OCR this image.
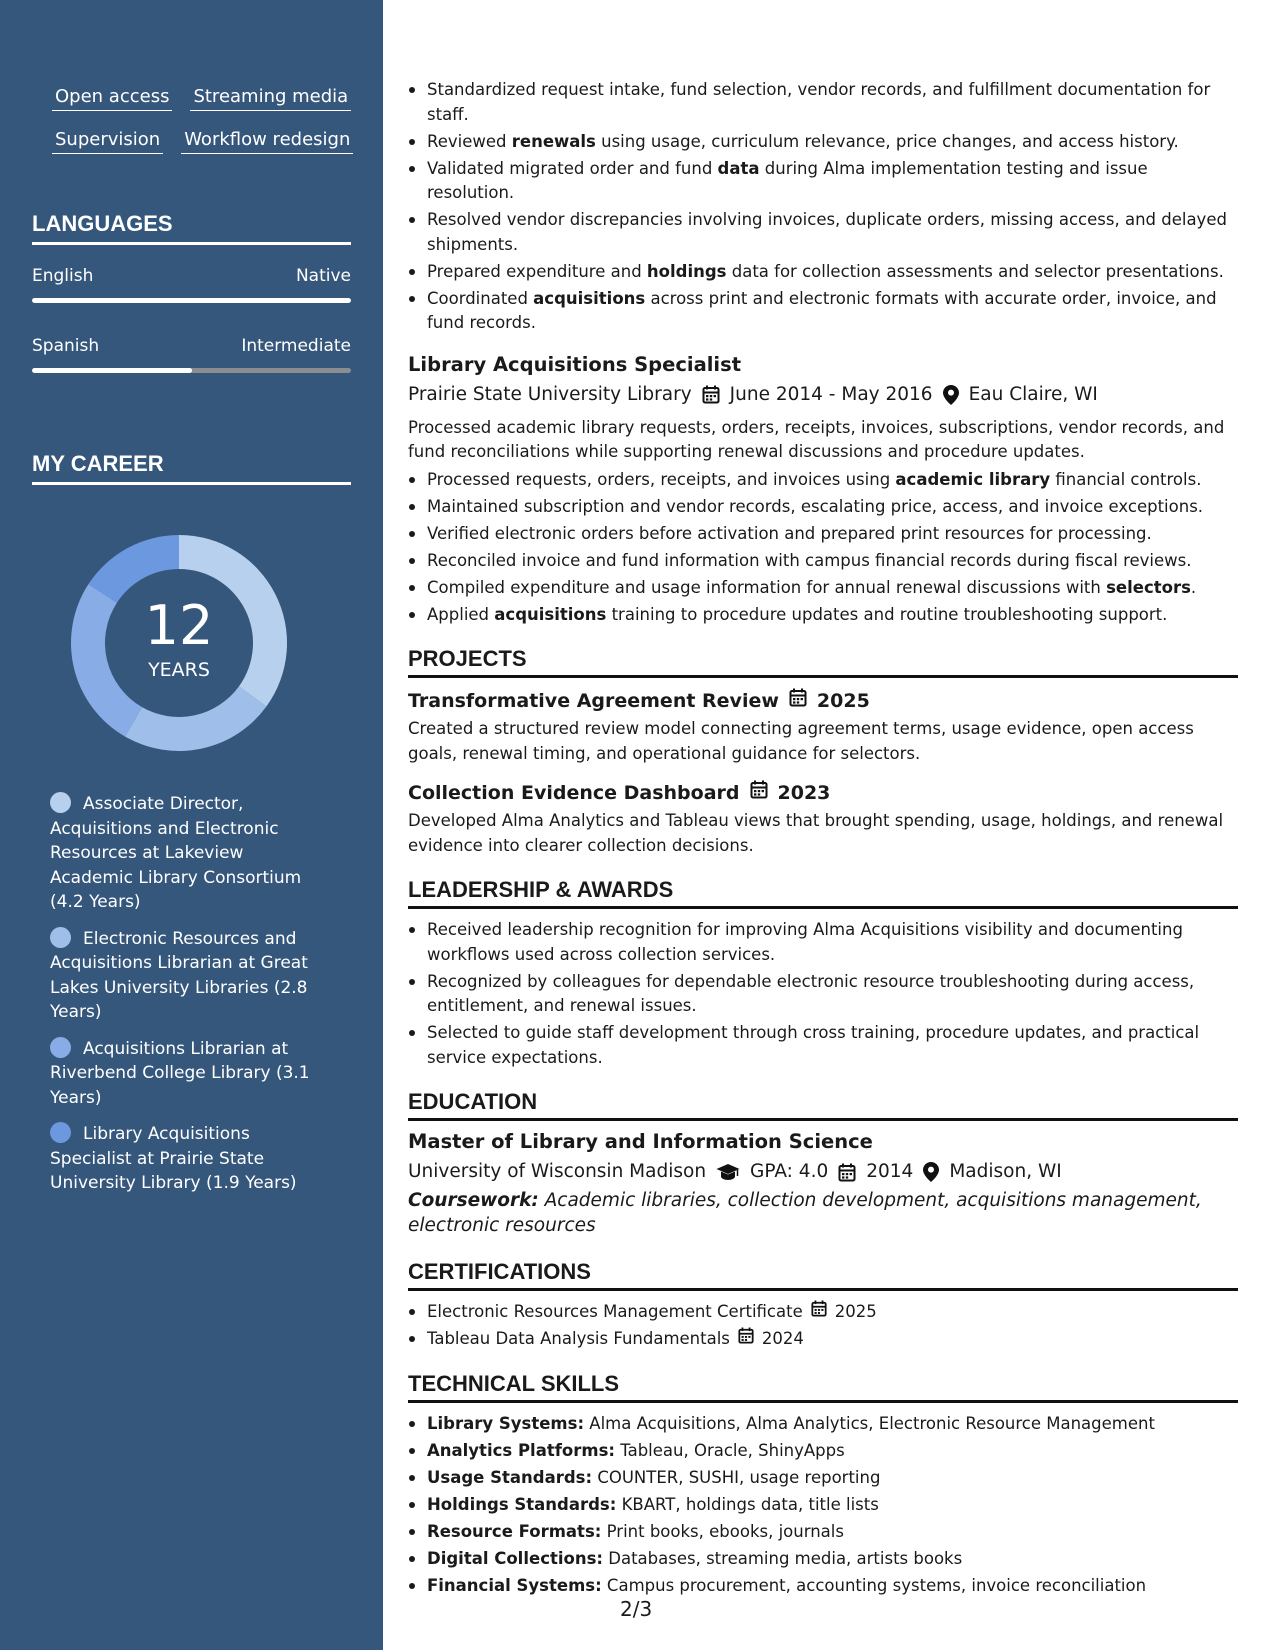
Open access Streaming media
Supervision Workflow redesign
LANGUAGES
English	Native
Spanish	Intermediate
MY CAREER
12
YEARS
Associate Director, Acquisitions and Electronic Resources at Lakeview Academic Library Consortium (4.2 Years)
Electronic Resources and Acquisitions Librarian at Great Lakes University Libraries (2.8 Years)
Acquisitions Librarian at Riverbend College Library (3.1 Years)
Library Acquisitions Specialist at Prairie State University Library (1.9 Years)
Standardized request intake, fund selection, vendor records, and fulfillment documentation for staff.
Reviewed renewals using usage, curriculum relevance, price changes, and access history.
Validated migrated order and fund data during Alma implementation testing and issue resolution.
Resolved vendor discrepancies involving invoices, duplicate orders, missing access, and delayed shipments.
Prepared expenditure and holdings data for collection assessments and selector presentations.
Coordinated acquisitions across print and electronic formats with accurate order, invoice, and fund records.
Library Acquisitions Specialist
Prairie State University Library June 2014 - May 2016 Eau Claire, WI
Processed academic library requests, orders, receipts, invoices, subscriptions, vendor records, and fund reconciliations while supporting renewal discussions and procedure updates.
Processed requests, orders, receipts, and invoices using academic library financial controls.
Maintained subscription and vendor records, escalating price, access, and invoice exceptions.
Verified electronic orders before activation and prepared print resources for processing.
Reconciled invoice and fund information with campus financial records during fiscal reviews.
Compiled expenditure and usage information for annual renewal discussions with selectors.
Applied acquisitions training to procedure updates and routine troubleshooting support.
PROJECTS
Transformative Agreement Review 2025
Created a structured review model connecting agreement terms, usage evidence, open access goals, renewal timing, and operational guidance for selectors.
Collection Evidence Dashboard 2023
Developed Alma Analytics and Tableau views that brought spending, usage, holdings, and renewal evidence into clearer collection decisions.
LEADERSHIP & AWARDS
Received leadership recognition for improving Alma Acquisitions visibility and documenting workflows used across collection services.
Recognized by colleagues for dependable electronic resource troubleshooting during access, entitlement, and renewal issues.
Selected to guide staff development through cross training, procedure updates, and practical service expectations.
EDUCATION
Master of Library and Information Science
University of Wisconsin Madison GPA: 4.0 2014 Madison, WI
Coursework: Academic libraries, collection development, acquisitions management, electronic resources
CERTIFICATIONS
Electronic Resources Management Certificate 2025
Tableau Data Analysis Fundamentals 2024
TECHNICAL SKILLS
Library Systems: Alma Acquisitions, Alma Analytics, Electronic Resource Management
Analytics Platforms: Tableau, Oracle, ShinyApps
Usage Standards: COUNTER, SUSHI, usage reporting
Holdings Standards: KBART, holdings data, title lists
Resource Formats: Print books, ebooks, journals
Digital Collections: Databases, streaming media, artists books
Financial Systems: Campus procurement, accounting systems, invoice reconciliation
2/3
